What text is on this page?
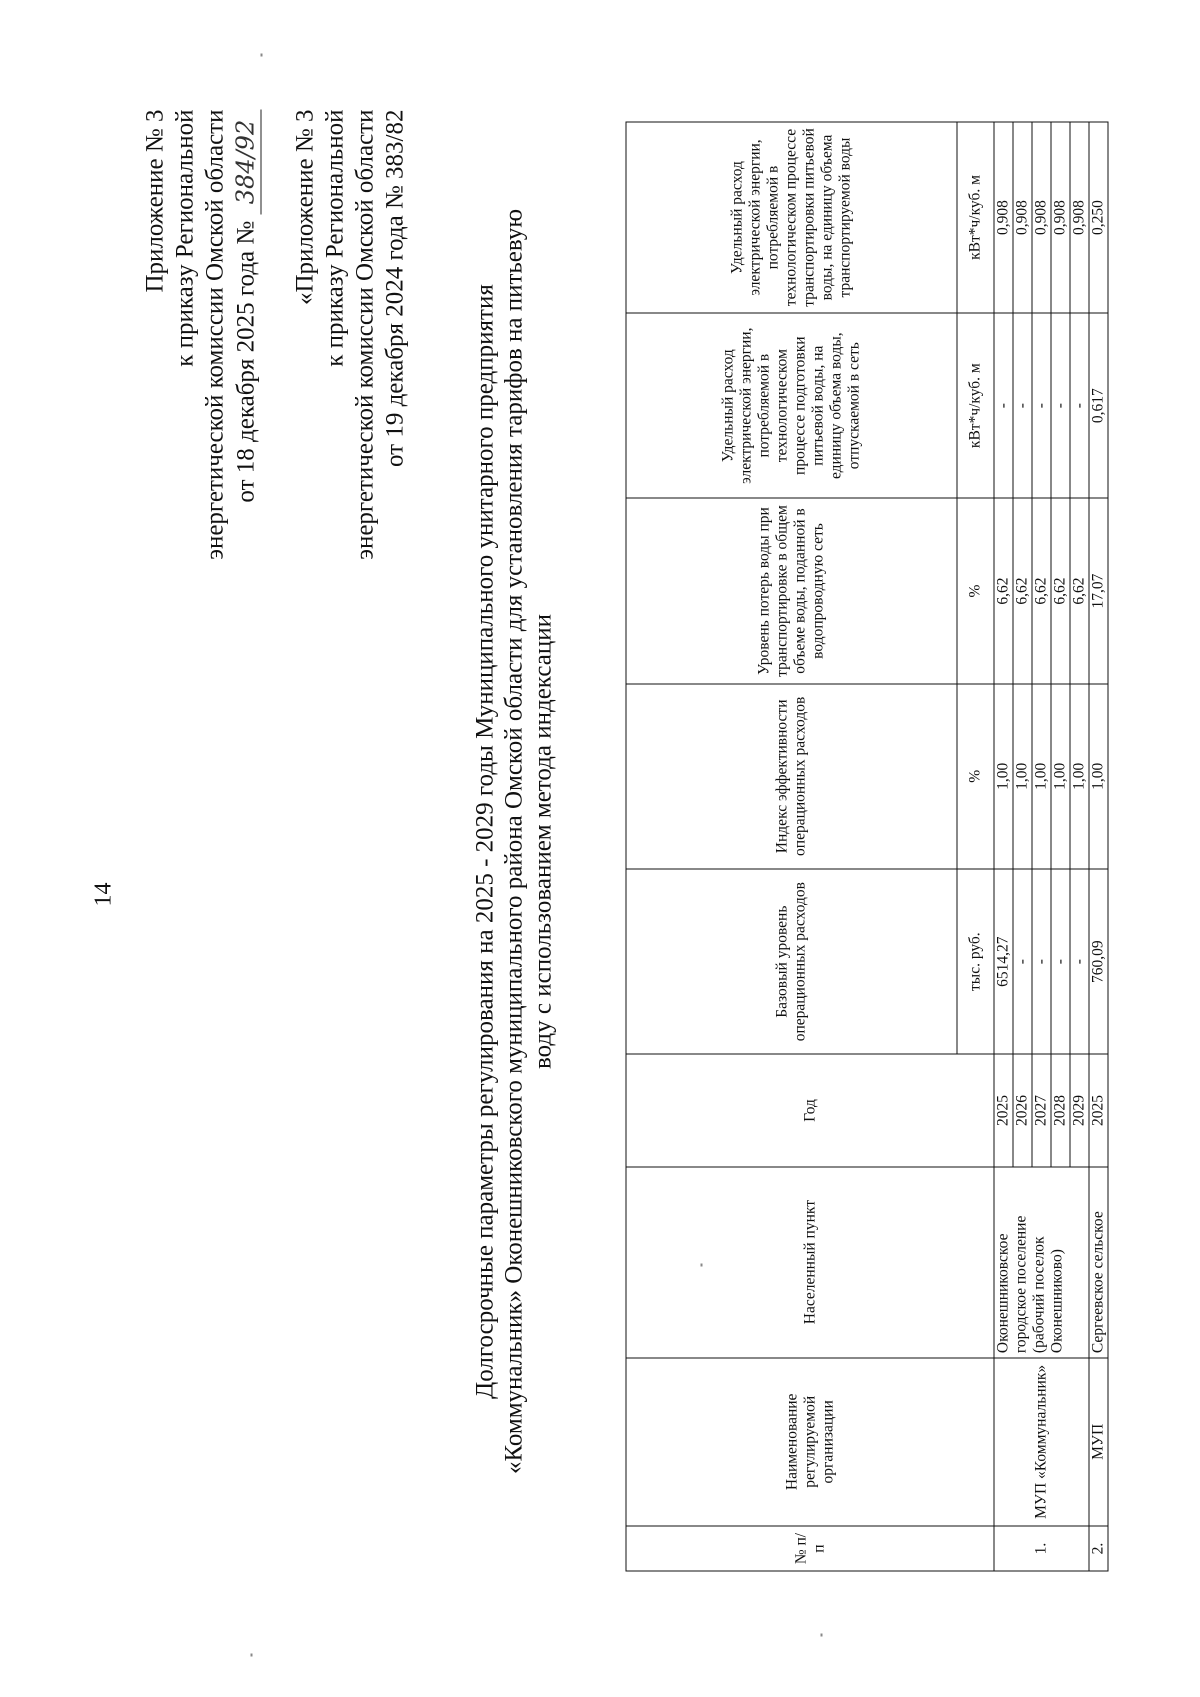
14
Приложение № 3 к приказу Региональной энергетической комиссии Омской области от 18 декабря 2025 года № 384/92 «Приложение № 3 к приказу Региональной энергетической комиссии Омской области от 19 декабря 2024 года № 383/82	Долгосрочные параметры регулирования на 2025 - 2029 годы Муниципального унитарного предприятия «Коммунальник» Оконешниковского муниципального района Омской области для установления тарифов на питьевую воду с использованием метода индексации
№ п/п	Наименование регулируемой организации	Населенный пункт	Год	Базовый уровень операционных расходов	Индекс эффективности операционных расходов	Уровень потерь воды при транспортировке в общем объеме воды, поданной в водопроводную сеть	Удельный расход электрической энергии, потребляемой в технологическом процессе подготовки питьевой воды, на единицу объема воды, отпускаемой в сеть	Удельный расход электрической энергии, потребляемой в технологическом процессе транспортировки питьевой воды, на единицу объема транспортируемой воды
				тыс. руб.	%	%	кВт*ч/куб. м	кВт*ч/куб. м
1.	МУП «Коммунальник»	Оконешниковское городское поселение (рабочий поселок Оконешниково)	2025	6514,27	1,00	6,62	-	0,908
			2026	-	1,00	6,62	-	0,908
			2027	-	1,00	6,62	-	0,908
			2028	-	1,00	6,62	-	0,908
			2029	-	1,00	6,62	-	0,908
2.	МУП	Сергеевское сельское	2025	760,09	1,00	17,07	0,617	0,250
